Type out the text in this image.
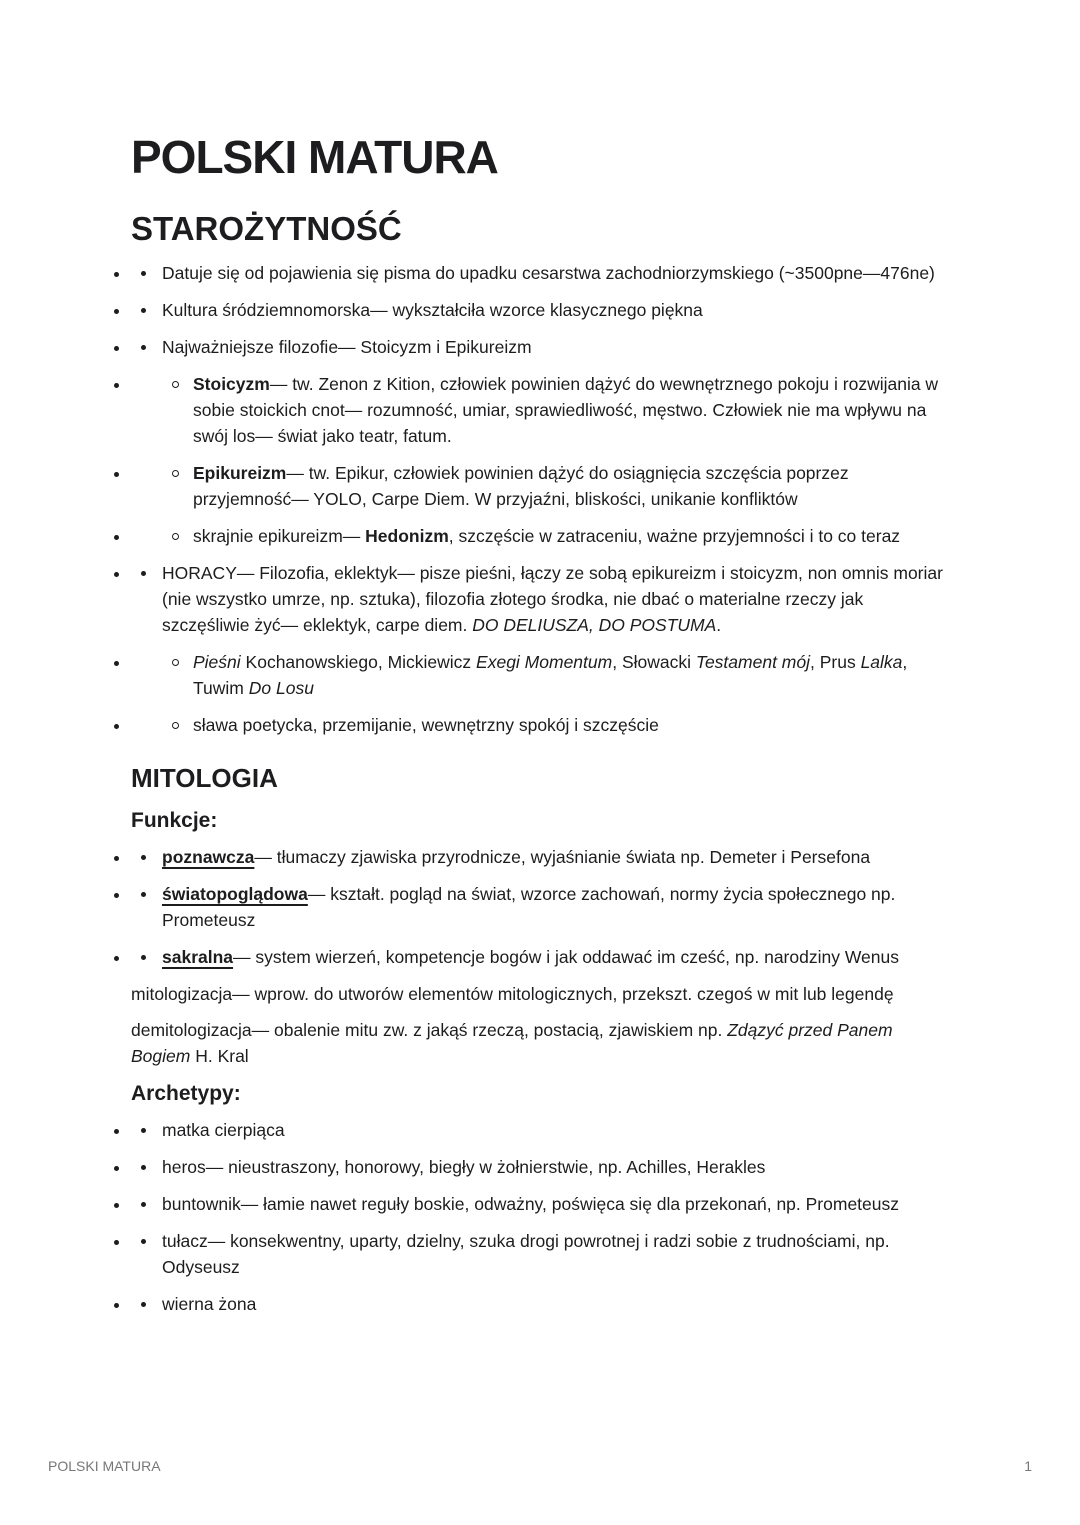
POLSKI MATURA
STAROŻYTNOŚĆ
• Datuje się od pojawienia się pisma do upadku cesarstwa zachodniorzymskiego (~3500pne—476ne)
• Kultura śródziemnomorska— wykształciła wzorce klasycznego piękna
• Najważniejsze filozofie— Stoicyzm i Epikureizm
• Stoicyzm— tw. Zenon z Kition, człowiek powinien dążyć do wewnętrznego pokoju i rozwijania w sobie stoickich cnot— rozumność, umiar, sprawiedliwość, męstwo. Człowiek nie ma wpływu na swój los— świat jako teatr, fatum.
• Epikureizm— tw. Epikur, człowiek powinien dążyć do osiągnięcia szczęścia poprzez przyjemność— YOLO, Carpe Diem. W przyjaźni, bliskości, unikanie konfliktów
• skrajnie epikureizm— Hedonizm, szczęście w zatraceniu, ważne przyjemności i to co teraz
• HORACY— Filozofia, eklektyk— pisze pieśni, łączy ze sobą epikureizm i stoicyzm, non omnis moriar (nie wszystko umrze, np. sztuka), filozofia złotego środka, nie dbać o materialne rzeczy jak szczęśliwie żyć— eklektyk, carpe diem. DO DELIUSZA, DO POSTUMA.
• Pieśni Kochanowskiego, Mickiewicz Exegi Momentum, Słowacki Testament mój, Prus Lalka, Tuwim Do Losu
• sława poetycka, przemijanie, wewnętrzny spokój i szczęście
MITOLOGIA
Funkcje:
• poznawcza— tłumaczy zjawiska przyrodnicze, wyjaśnianie świata np. Demeter i Persefona
• światopoglądowa— kształt. pogląd na świat, wzorce zachowań, normy życia społecznego np. Prometeusz
• sakralna— system wierzeń, kompetencje bogów i jak oddawać im cześć, np. narodziny Wenus

mitologizacja— wprow. do utworów elementów mitologicznych, przekszt. czegoś w mit lub legendę

demitologizacja— obalenie mitu zw. z jakąś rzeczą, postacią, zjawiskiem np. Zdązyć przed Panem Bogiem H. Kral

Archetypy:
• matka cierpiąca
• heros— nieustraszony, honorowy, biegły w żołnierstwie, np. Achilles, Herakles
• buntownik— łamie nawet reguły boskie, odważny, poświęca się dla przekonań, np. Prometeusz
• tułacz— konsekwentny, uparty, dzielny, szuka drogi powrotnej i radzi sobie z trudnościami, np. Odyseusz
• wierna żona
POLSKI MATURA	1
